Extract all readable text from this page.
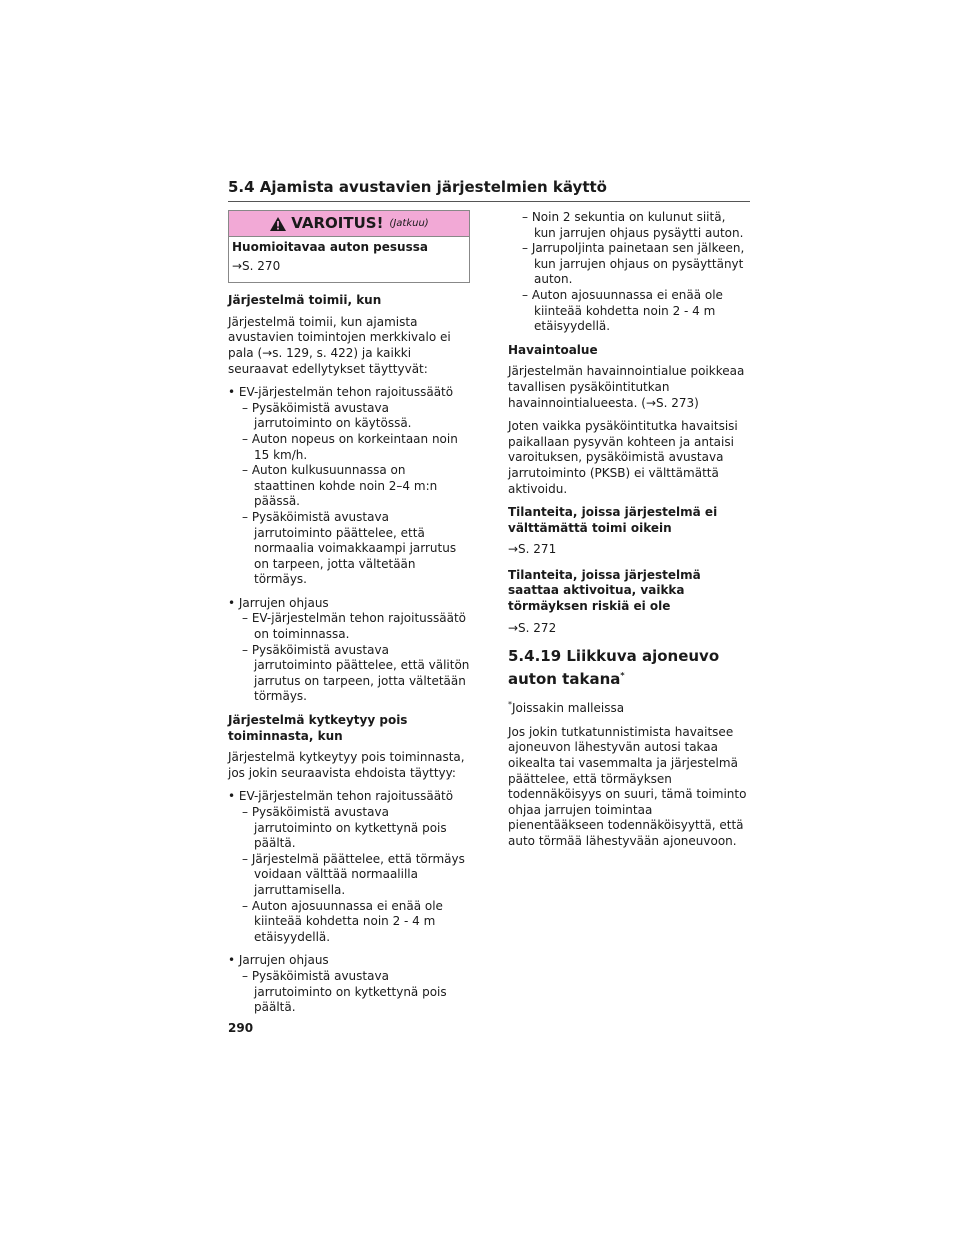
5.4 Ajamista avustavien järjestelmien käyttö
VAROITUS! (Jatkuu)
Huomioitavaa auton pesussa
→S. 270
Järjestelmä toimii, kun

Järjestelmä toimii, kun ajamista avustavien toimintojen merkkivalo ei pala (→s. 129, s. 422) ja kaikki seuraavat edellytykset täyttyvät:

• EV-järjestelmän tehon rajoitussäätö
– Pysäköimistä avustava jarrutoiminto on käytössä.
– Auton nopeus on korkeintaan noin 15 km/h.
– Auton kulkusuunnassa on staattinen kohde noin 2–4 m:n päässä.
– Pysäköimistä avustava jarrutoiminto päättelee, että normaalia voimakkaampi jarrutus on tarpeen, jotta vältetään törmäys.
• Jarrujen ohjaus
– EV-järjestelmän tehon rajoitussäätö on toiminnassa.
– Pysäköimistä avustava jarrutoiminto päättelee, että välitön jarrutus on tarpeen, jotta vältetään törmäys.
Järjestelmä kytkeytyy pois toiminnasta, kun

Järjestelmä kytkeytyy pois toiminnasta, jos jokin seuraavista ehdoista täyttyy:

• EV-järjestelmän tehon rajoitussäätö
– Pysäköimistä avustava jarrutoiminto on kytkettynä pois päältä.
– Järjestelmä päättelee, että törmäys voidaan välttää normaalilla jarruttamisella.
– Auton ajosuunnassa ei enää ole kiinteää kohdetta noin 2 - 4 m etäisyydellä.
• Jarrujen ohjaus
– Pysäköimistä avustava jarrutoiminto on kytkettynä pois päältä.
– Noin 2 sekuntia on kulunut siitä, kun jarrujen ohjaus pysäytti auton.
– Jarrupoljinta painetaan sen jälkeen, kun jarrujen ohjaus on pysäyttänyt auton.
– Auton ajosuunnassa ei enää ole kiinteää kohdetta noin 2 - 4 m etäisyydellä.
Havaintoalue

Järjestelmän havainnointialue poikkeaa tavallisen pysäköintitutkan havainnointialueesta. (→S. 273)

Joten vaikka pysäköintitutka havaitsisi paikallaan pysyvän kohteen ja antaisi varoituksen, pysäköimistä avustava jarrutoiminto (PKSB) ei välttämättä aktivoidu.

Tilanteita, joissa järjestelmä ei välttämättä toimi oikein

→S. 271

Tilanteita, joissa järjestelmä saattaa aktivoitua, vaikka törmäyksen riskiä ei ole

→S. 272

5.4.19 Liikkuva ajoneuvo auton takana*
*Joissakin malleissa

Jos jokin tutkatunnistimista havaitsee ajoneuvon lähestyvän autosi takaa oikealta tai vasemmalta ja järjestelmä päättelee, että törmäyksen todennäköisyys on suuri, tämä toiminto ohjaa jarrujen toimintaa pienentääkseen todennäköisyyttä, että auto törmää lähestyvään ajoneuvoon.

290
